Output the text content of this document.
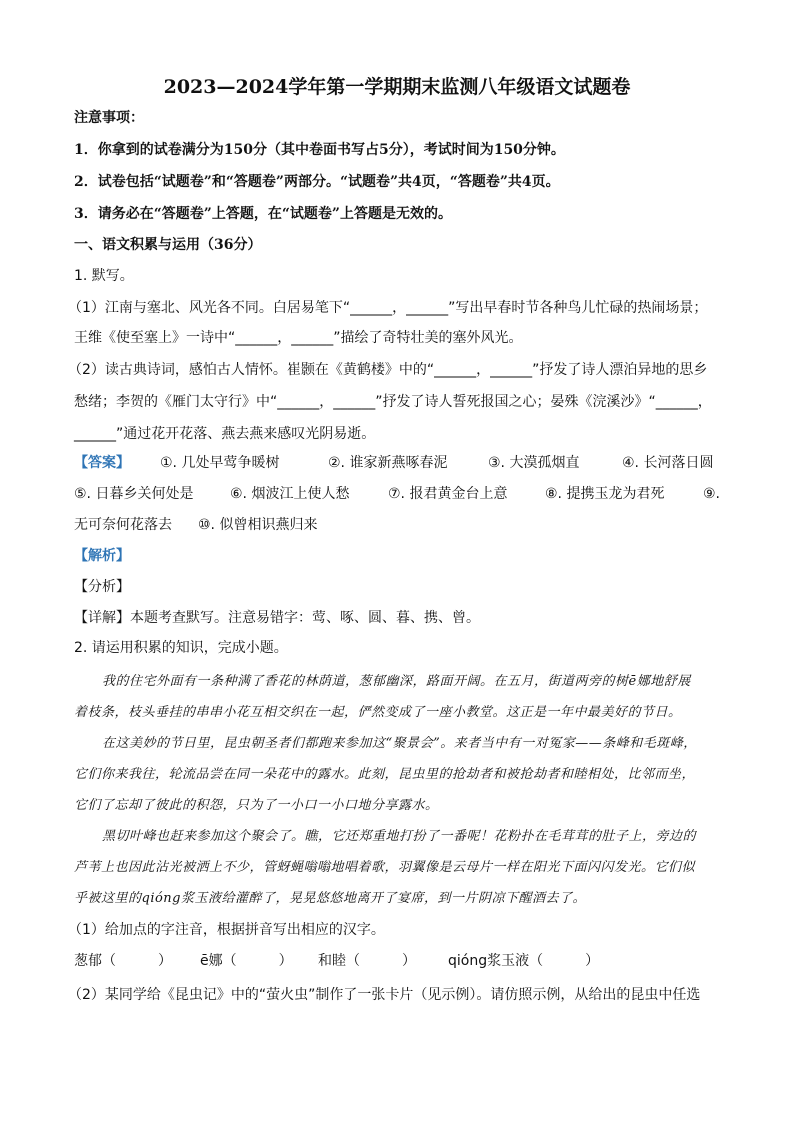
2023—2024学年第一学期期末监测八年级语文试题卷
注意事项：
1．你拿到的试卷满分为150分（其中卷面书写占5分），考试时间为150分钟。
2．试卷包括“试题卷”和“答题卷”两部分。“试题卷”共4页，“答题卷”共4页。
3．请务必在“答题卷”上答题，在“试题卷”上答题是无效的。
一、语文积累与运用（36分）
1. 默写。
（1）江南与塞北、风光各不同。白居易笔下“______，______”写出早春时节各种鸟儿忙碌的热闹场景；
王维《使至塞上》一诗中“______，______”描绘了奇特壮美的塞外风光。
（2）读古典诗词，感怕古人情怀。崔颢在《黄鹤楼》中的“______，______”抒发了诗人漂泊异地的思乡
愁绪；李贺的《雁门太守行》中“______，______”抒发了诗人誓死报国之心；晏殊《浣溪沙》“______，
______”通过花开花落、燕去燕来感叹光阴易逝。
【答案】 ①. 几处早莺争暖树	②. 谁家新燕啄春泥	③. 大漠孤烟直	④. 长河落日圆
⑤. 日暮乡关何处是	⑥. 烟波江上使人愁	⑦. 报君黄金台上意	⑧. 提携玉龙为君死	⑨.
无可奈何花落去 ⑩. 似曾相识燕归来
【解析】
【分析】
【详解】本题考查默写。注意易错字：莺、啄、圆、暮、携、曾。
2. 请运用积累的知识，完成小题。
我的住宅外面有一条种满了香花的林荫道，葱郁幽深，路面开阔。在五月，街道两旁的树ē娜地舒展
着枝条，枝头垂挂的串串小花互相交织在一起，俨然变成了一座小教堂。这正是一年中最美好的节日。
在这美妙的节日里，昆虫朝圣者们都跑来参加这“聚景会”。来者当中有一对冤家——条峰和毛斑峰，
它们你来我往，轮流品尝在同一朵花中的露水。此刻，昆虫里的抢劫者和被抢劫者和睦相处，比邻而坐，
它们了忘却了彼此的积怨，只为了一小口一小口地分享露水。
黑切叶峰也赶来参加这个聚会了。瞧，它还郑重地打扮了一番呢！花粉扑在毛茸茸的肚子上，旁边的
芦苇上也因此沾光被洒上不少，管蚜蝇嗡嗡地唱着歌，羽翼像是云母片一样在阳光下面闪闪发光。它们似
乎被这里的qióng浆玉液给灌醉了，晃晃悠悠地离开了宴席，到一片阴凉下醒酒去了。
（1）给加点的字注音，根据拼音写出相应的汉字。
葱郁（　　　） ē娜（　　　） 和睦（　　　） qióng浆玉液（　　　）
（2）某同学给《昆虫记》中的“萤火虫”制作了一张卡片（见示例）。请仿照示例，从给出的昆虫中任选
